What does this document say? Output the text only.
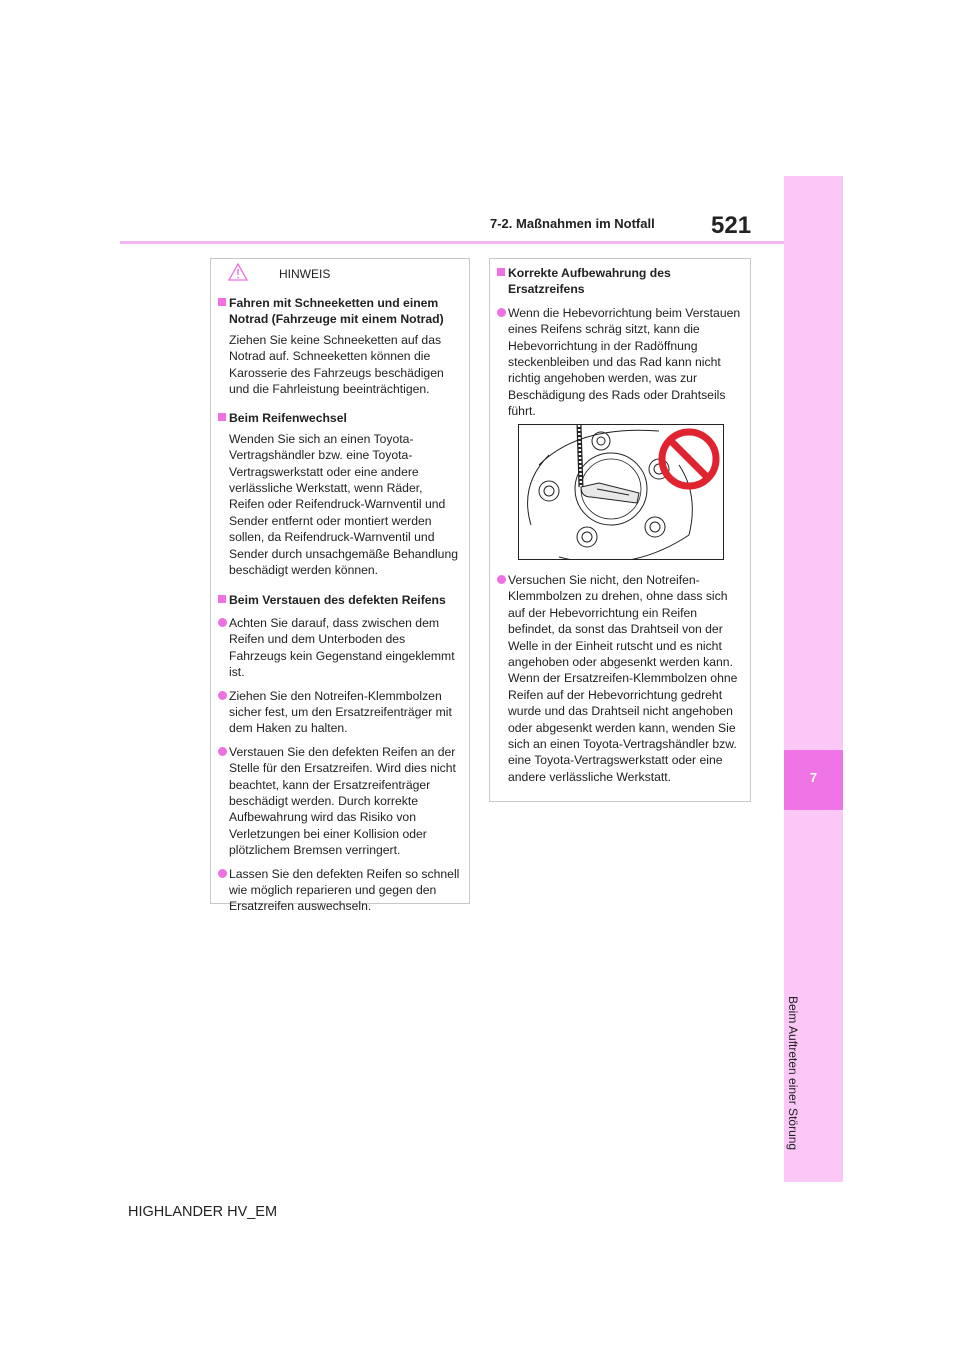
7-2. Maßnahmen im Notfall	521
7
Beim Auftreten einer Störung
HINWEIS
Fahren mit Schneeketten und einem Notrad (Fahrzeuge mit einem Notrad)
Ziehen Sie keine Schneeketten auf das Notrad auf. Schneeketten können die Karosserie des Fahrzeugs beschädigen und die Fahrleistung beeinträchtigen.
Beim Reifenwechsel
Wenden Sie sich an einen Toyota-Vertragshändler bzw. eine Toyota-Vertragswerkstatt oder eine andere verlässliche Werkstatt, wenn Räder, Reifen oder Reifendruck-Warnventil und Sender entfernt oder montiert werden sollen, da Reifendruck-Warnventil und Sender durch unsachgemäße Behandlung beschädigt werden können.
Beim Verstauen des defekten Reifens
Achten Sie darauf, dass zwischen dem Reifen und dem Unterboden des Fahrzeugs kein Gegenstand eingeklemmt ist.
Ziehen Sie den Notreifen-Klemmbolzen sicher fest, um den Ersatzreifenträger mit dem Haken zu halten.
Verstauen Sie den defekten Reifen an der Stelle für den Ersatzreifen. Wird dies nicht beachtet, kann der Ersatzreifenträger beschädigt werden. Durch korrekte Aufbewahrung wird das Risiko von Verletzungen bei einer Kollision oder plötzlichem Bremsen verringert.
Lassen Sie den defekten Reifen so schnell wie möglich reparieren und gegen den Ersatzreifen auswechseln.
Korrekte Aufbewahrung des Ersatzreifens
Wenn die Hebevorrichtung beim Verstauen eines Reifens schräg sitzt, kann die Hebevorrichtung in der Radöffnung steckenbleiben und das Rad kann nicht richtig angehoben werden, was zur Beschädigung des Rads oder Drahtseils führt.
Versuchen Sie nicht, den Notreifen-Klemmbolzen zu drehen, ohne dass sich auf der Hebevorrichtung ein Reifen befindet, da sonst das Drahtseil von der Welle in der Einheit rutscht und es nicht angehoben oder abgesenkt werden kann. Wenn der Ersatzreifen-Klemmbolzen ohne Reifen auf der Hebevorrichtung gedreht wurde und das Drahtseil nicht angehoben oder abgesenkt werden kann, wenden Sie sich an einen Toyota-Vertragshändler bzw. eine Toyota-Vertragswerkstatt oder eine andere verlässliche Werkstatt.
HIGHLANDER HV_EM
